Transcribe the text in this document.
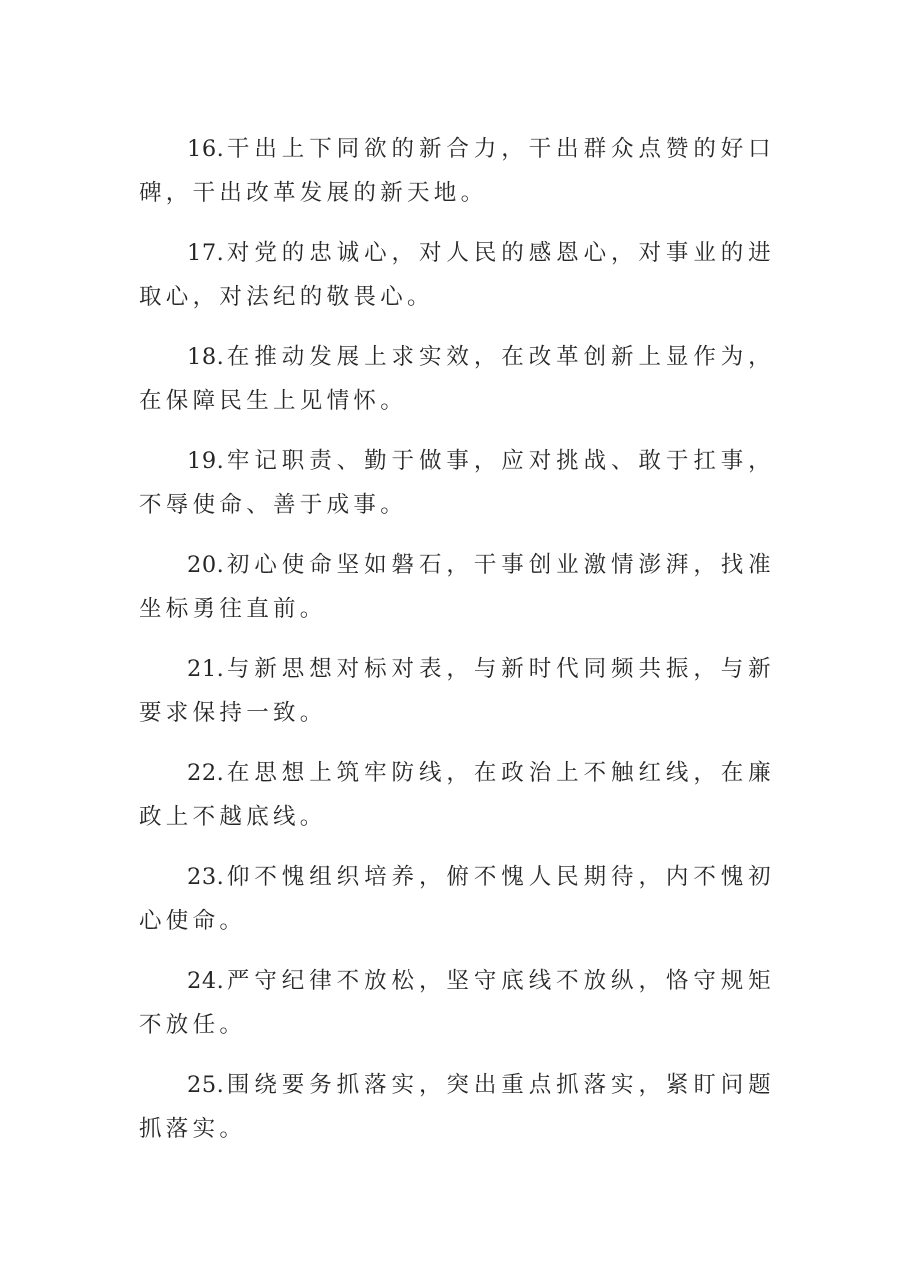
16.干出上下同欲的新合力，干出群众点赞的好口碑，干出改革发展的新天地。

17.对党的忠诚心，对人民的感恩心，对事业的进取心，对法纪的敬畏心。

18.在推动发展上求实效，在改革创新上显作为，在保障民生上见情怀。

19.牢记职责、勤于做事，应对挑战、敢于扛事，不辱使命、善于成事。

20.初心使命坚如磐石，干事创业激情澎湃，找准坐标勇往直前。

21.与新思想对标对表，与新时代同频共振，与新要求保持一致。

22.在思想上筑牢防线，在政治上不触红线，在廉政上不越底线。

23.仰不愧组织培养，俯不愧人民期待，内不愧初心使命。

24.严守纪律不放松，坚守底线不放纵，恪守规矩不放任。

25.围绕要务抓落实，突出重点抓落实，紧盯问题抓落实。
